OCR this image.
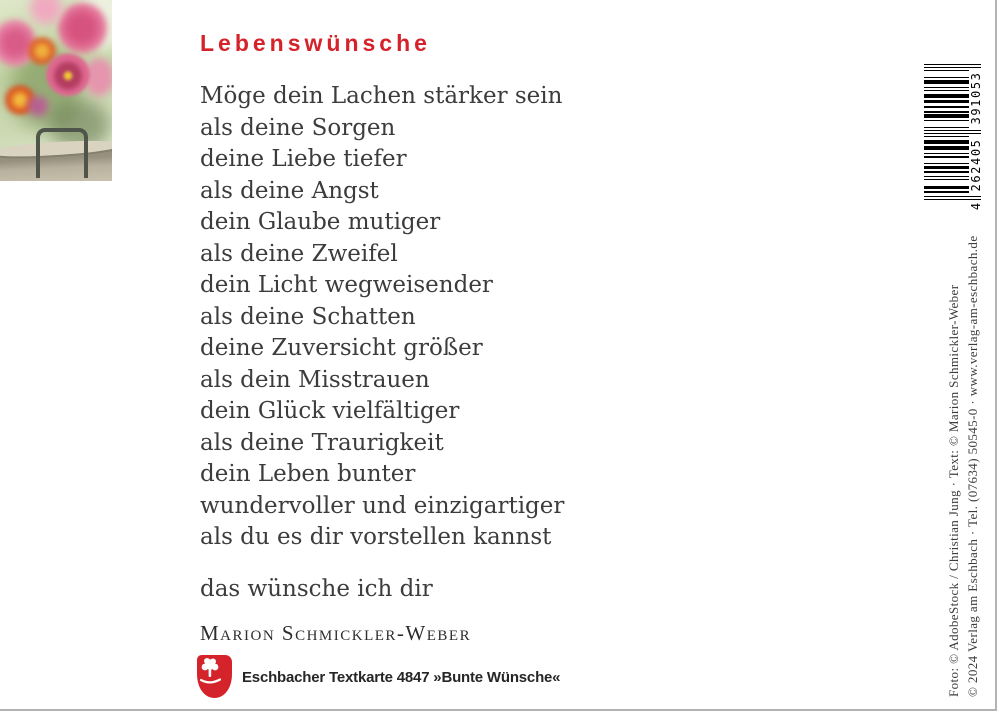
Lebenswünsche
Möge dein Lachen stärker sein
als deine Sorgen
deine Liebe tiefer
als deine Angst
dein Glaube mutiger
als deine Zweifel
dein Licht wegweisender
als deine Schatten
deine Zuversicht größer
als dein Misstrauen
dein Glück vielfältiger
als deine Traurigkeit
dein Leben bunter
wundervoller und einzigartiger
als du es dir vorstellen kannst
das wünsche ich dir
Marion Schmickler-Weber
Eschbacher Textkarte 4847 »Bunte Wünsche«
4
262405
391053
Foto: © AdobeStock / Christian Jung · Text: © Marion Schmickler-Weber © 2024 Verlag am Eschbach · Tel. (07634) 50545-0 · www.verlag-am-eschbach.de
